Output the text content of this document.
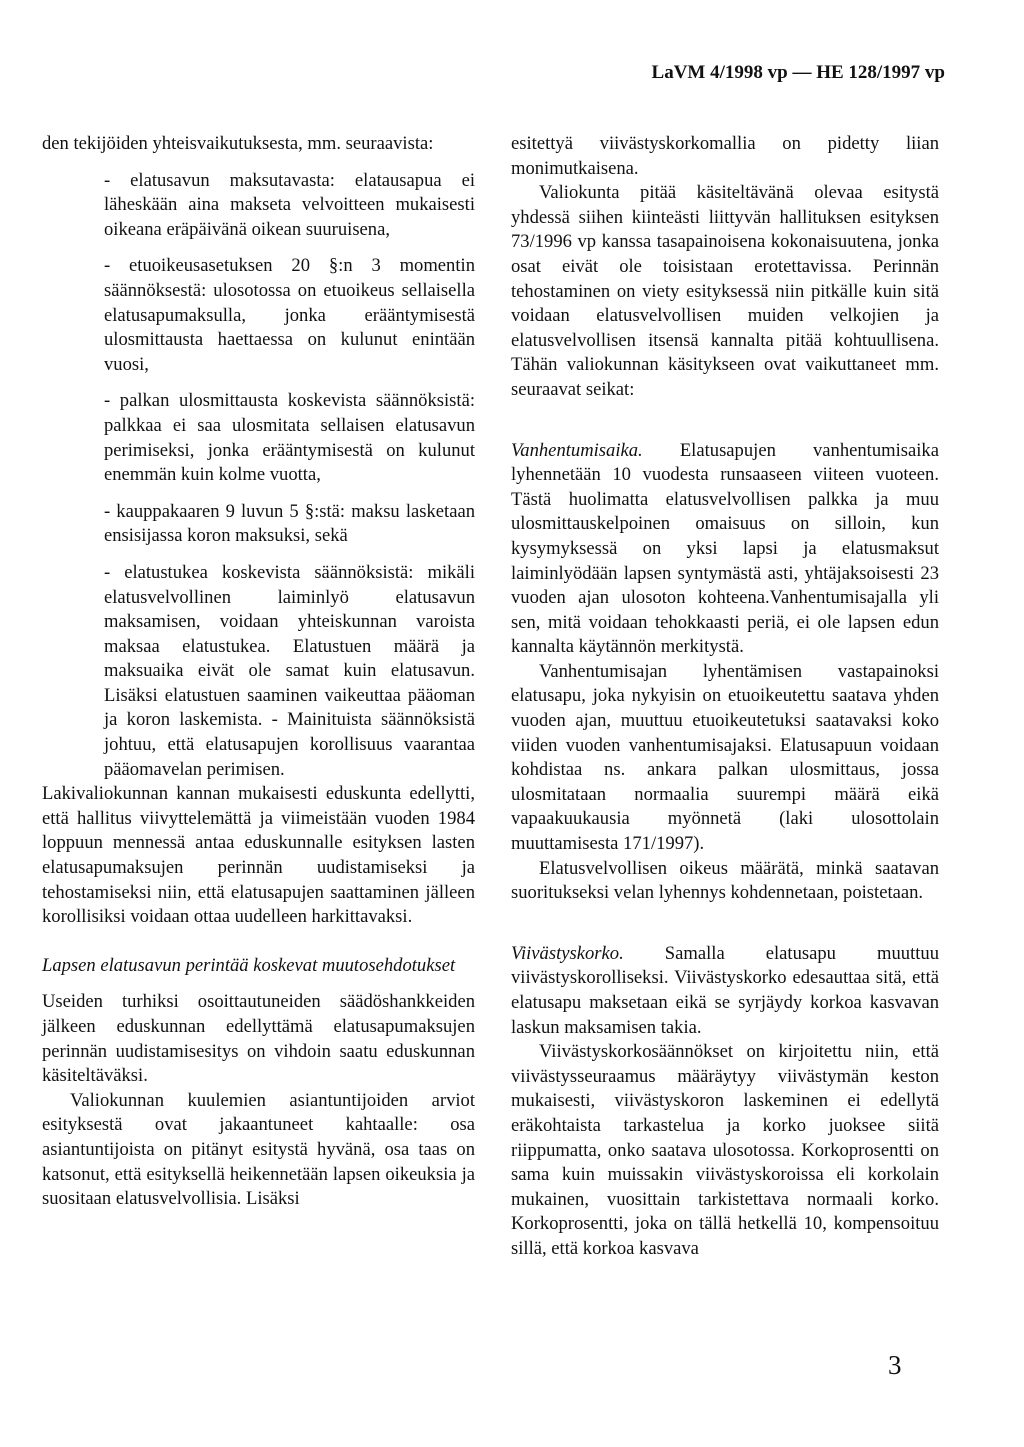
LaVM 4/1998 vp — HE 128/1997 vp

den tekijöiden yhteisvaikutuksesta, mm. seuraavista:

- elatusavun maksutavasta: elatausapua ei läheskään aina makseta velvoitteen mukaisesti oikeana eräpäivänä oikean suuruisena,

- etuoikeusasetuksen 20 §:n 3 momentin säännöksestä: ulosotossa on etuoikeus sellaisella elatusapumaksulla, jonka erääntymisestä ulosmittausta haettaessa on kulunut enintään vuosi,

- palkan ulosmittausta koskevista säännöksistä: palkkaa ei saa ulosmitata sellaisen elatusavun perimiseksi, jonka erääntymisestä on kulunut enemmän kuin kolme vuotta,

- kauppakaaren 9 luvun 5 §:stä: maksu lasketaan ensisijassa koron maksuksi, sekä

- elatustukea koskevista säännöksistä: mikäli elatusvelvollinen laiminlyö elatusavun maksamisen, voidaan yhteiskunnan varoista maksaa elatustukea. Elatustuen määrä ja maksuaika eivät ole samat kuin elatusavun. Lisäksi elatustuen saaminen vaikeuttaa pääoman ja koron laskemista. - Mainituista säännöksistä johtuu, että elatusapujen korollisuus vaarantaa pääomavelan perimisen.

Lakivaliokunnan kannan mukaisesti eduskunta edellytti, että hallitus viivyttelemättä ja viimeistään vuoden 1984 loppuun mennessä antaa eduskunnalle esityksen lasten elatusapumaksujen perinnän uudistamiseksi ja tehostamiseksi niin, että elatusapujen saattaminen jälleen korollisiksi voidaan ottaa uudelleen harkittavaksi.

Lapsen elatusavun perintää koskevat muutosehdotukset

Useiden turhiksi osoittautuneiden säädöshankkeiden jälkeen eduskunnan edellyttämä elatusapumaksujen perinnän uudistamisesitys on vihdoin saatu eduskunnan käsiteltäväksi.

Valiokunnan kuulemien asiantuntijoiden arviot esityksestä ovat jakaantuneet kahtaalle: osa asiantuntijoista on pitänyt esitystä hyvänä, osa taas on katsonut, että esityksellä heikennetään lapsen oikeuksia ja suositaan elatusvelvollisia. Lisäksi

esitettyä viivästyskorkomallia on pidetty liian monimutkaisena.

Valiokunta pitää käsiteltävänä olevaa esitystä yhdessä siihen kiinteästi liittyvän hallituksen esityksen 73/1996 vp kanssa tasapainoisena kokonaisuutena, jonka osat eivät ole toisistaan erotettavissa. Perinnän tehostaminen on viety esityksessä niin pitkälle kuin sitä voidaan elatusvelvollisen muiden velkojien ja elatusvelvollisen itsensä kannalta pitää kohtuullisena. Tähän valiokunnan käsitykseen ovat vaikuttaneet mm. seuraavat seikat:

Vanhentumisaika. Elatusapujen vanhentumisaika lyhennetään 10 vuodesta runsaaseen viiteen vuoteen. Tästä huolimatta elatusvelvollisen palkka ja muu ulosmittauskelpoinen omaisuus on silloin, kun kysymyksessä on yksi lapsi ja elatusmaksut laiminlyödään lapsen syntymästä asti, yhtäjaksoisesti 23 vuoden ajan ulosoton kohteena.Vanhentumisajalla yli sen, mitä voidaan tehokkaasti periä, ei ole lapsen edun kannalta käytännön merkitystä.

Vanhentumisajan lyhentämisen vastapainoksi elatusapu, joka nykyisin on etuoikeutettu saatava yhden vuoden ajan, muuttuu etuoikeutetuksi saatavaksi koko viiden vuoden vanhentumisajaksi. Elatusapuun voidaan kohdistaa ns. ankara palkan ulosmittaus, jossa ulosmitataan normaalia suurempi määrä eikä vapaakuukausia myönnetä (laki ulosottolain muuttamisesta 171/1997).

Elatusvelvollisen oikeus määrätä, minkä saatavan suoritukseksi velan lyhennys kohdennetaan, poistetaan.

Viivästyskorko. Samalla elatusapu muuttuu viivästyskorolliseksi. Viivästyskorko edesauttaa sitä, että elatusapu maksetaan eikä se syrjäydy korkoa kasvavan laskun maksamisen takia.

Viivästyskorkosäännökset on kirjoitettu niin, että viivästysseuraamus määräytyy viivästymän keston mukaisesti, viivästyskoron laskeminen ei edellytä eräkohtaista tarkastelua ja korko juoksee siitä riippumatta, onko saatava ulosotossa. Korkoprosentti on sama kuin muissakin viivästyskoroissa eli korkolain mukainen, vuosittain tarkistettava normaali korko. Korkoprosentti, joka on tällä hetkellä 10, kompensoituu sillä, että korkoa kasvava

3
